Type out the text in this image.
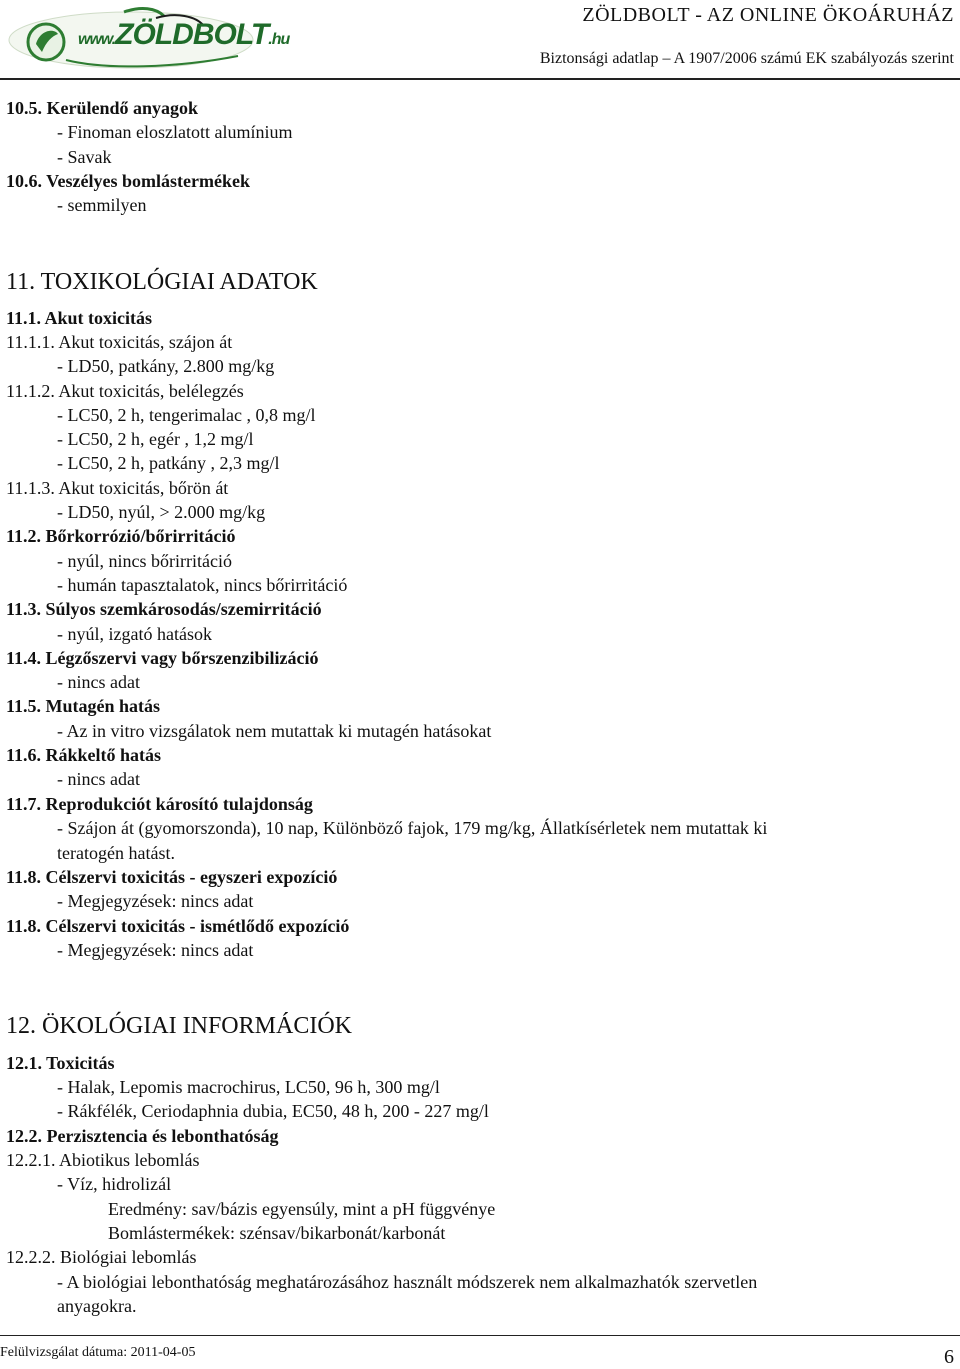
www.ZÖLDBOLT.hu
ZÖLDBOLT - AZ ONLINE ÖKOÁRUHÁZ
Biztonsági adatlap – A 1907/2006 számú EK szabályozás szerint
10.5. Kerülendő anyagok
- Finoman eloszlatott alumínium
- Savak
10.6. Veszélyes bomlástermékek
- semmilyen
11. TOXIKOLÓGIAI ADATOK
11.1. Akut toxicitás
11.1.1. Akut toxicitás, szájon át
- LD50, patkány, 2.800 mg/kg
11.1.2. Akut toxicitás, belélegzés
- LC50, 2 h, tengerimalac , 0,8 mg/l
- LC50, 2 h, egér , 1,2 mg/l
- LC50, 2 h, patkány , 2,3 mg/l
11.1.3. Akut toxicitás, bőrön át
- LD50, nyúl, > 2.000 mg/kg
11.2. Bőrkorrózió/bőrirritáció
- nyúl, nincs bőrirritáció
- humán tapasztalatok, nincs bőrirritáció
11.3. Súlyos szemkárosodás/szemirritáció
- nyúl, izgató hatások
11.4. Légzőszervi vagy bőrszenzibilizáció
- nincs adat
11.5. Mutagén hatás
- Az in vitro vizsgálatok nem mutattak ki mutagén hatásokat
11.6. Rákkeltő hatás
- nincs adat
11.7. Reprodukciót károsító tulajdonság
- Szájon át (gyomorszonda), 10 nap, Különböző fajok, 179 mg/kg, Állatkísérletek nem mutattak ki
teratogén hatást.
11.8. Célszervi toxicitás - egyszeri expozíció
- Megjegyzések: nincs adat
11.8. Célszervi toxicitás - ismétlődő expozíció
- Megjegyzések: nincs adat
12. ÖKOLÓGIAI INFORMÁCIÓK
12.1. Toxicitás
- Halak, Lepomis macrochirus, LC50, 96 h, 300 mg/l
- Rákfélék, Ceriodaphnia dubia, EC50, 48 h, 200 - 227 mg/l
12.2. Perzisztencia és lebonthatóság
12.2.1. Abiotikus lebomlás
- Víz, hidrolizál
Eredmény: sav/bázis egyensúly, mint a pH függvénye
Bomlástermékek: szénsav/bikarbonát/karbonát
12.2.2. Biológiai lebomlás
- A biológiai lebonthatóság meghatározásához használt módszerek nem alkalmazhatók szervetlen
anyagokra.
Felülvizsgálat dátuma: 2011-04-05	6
